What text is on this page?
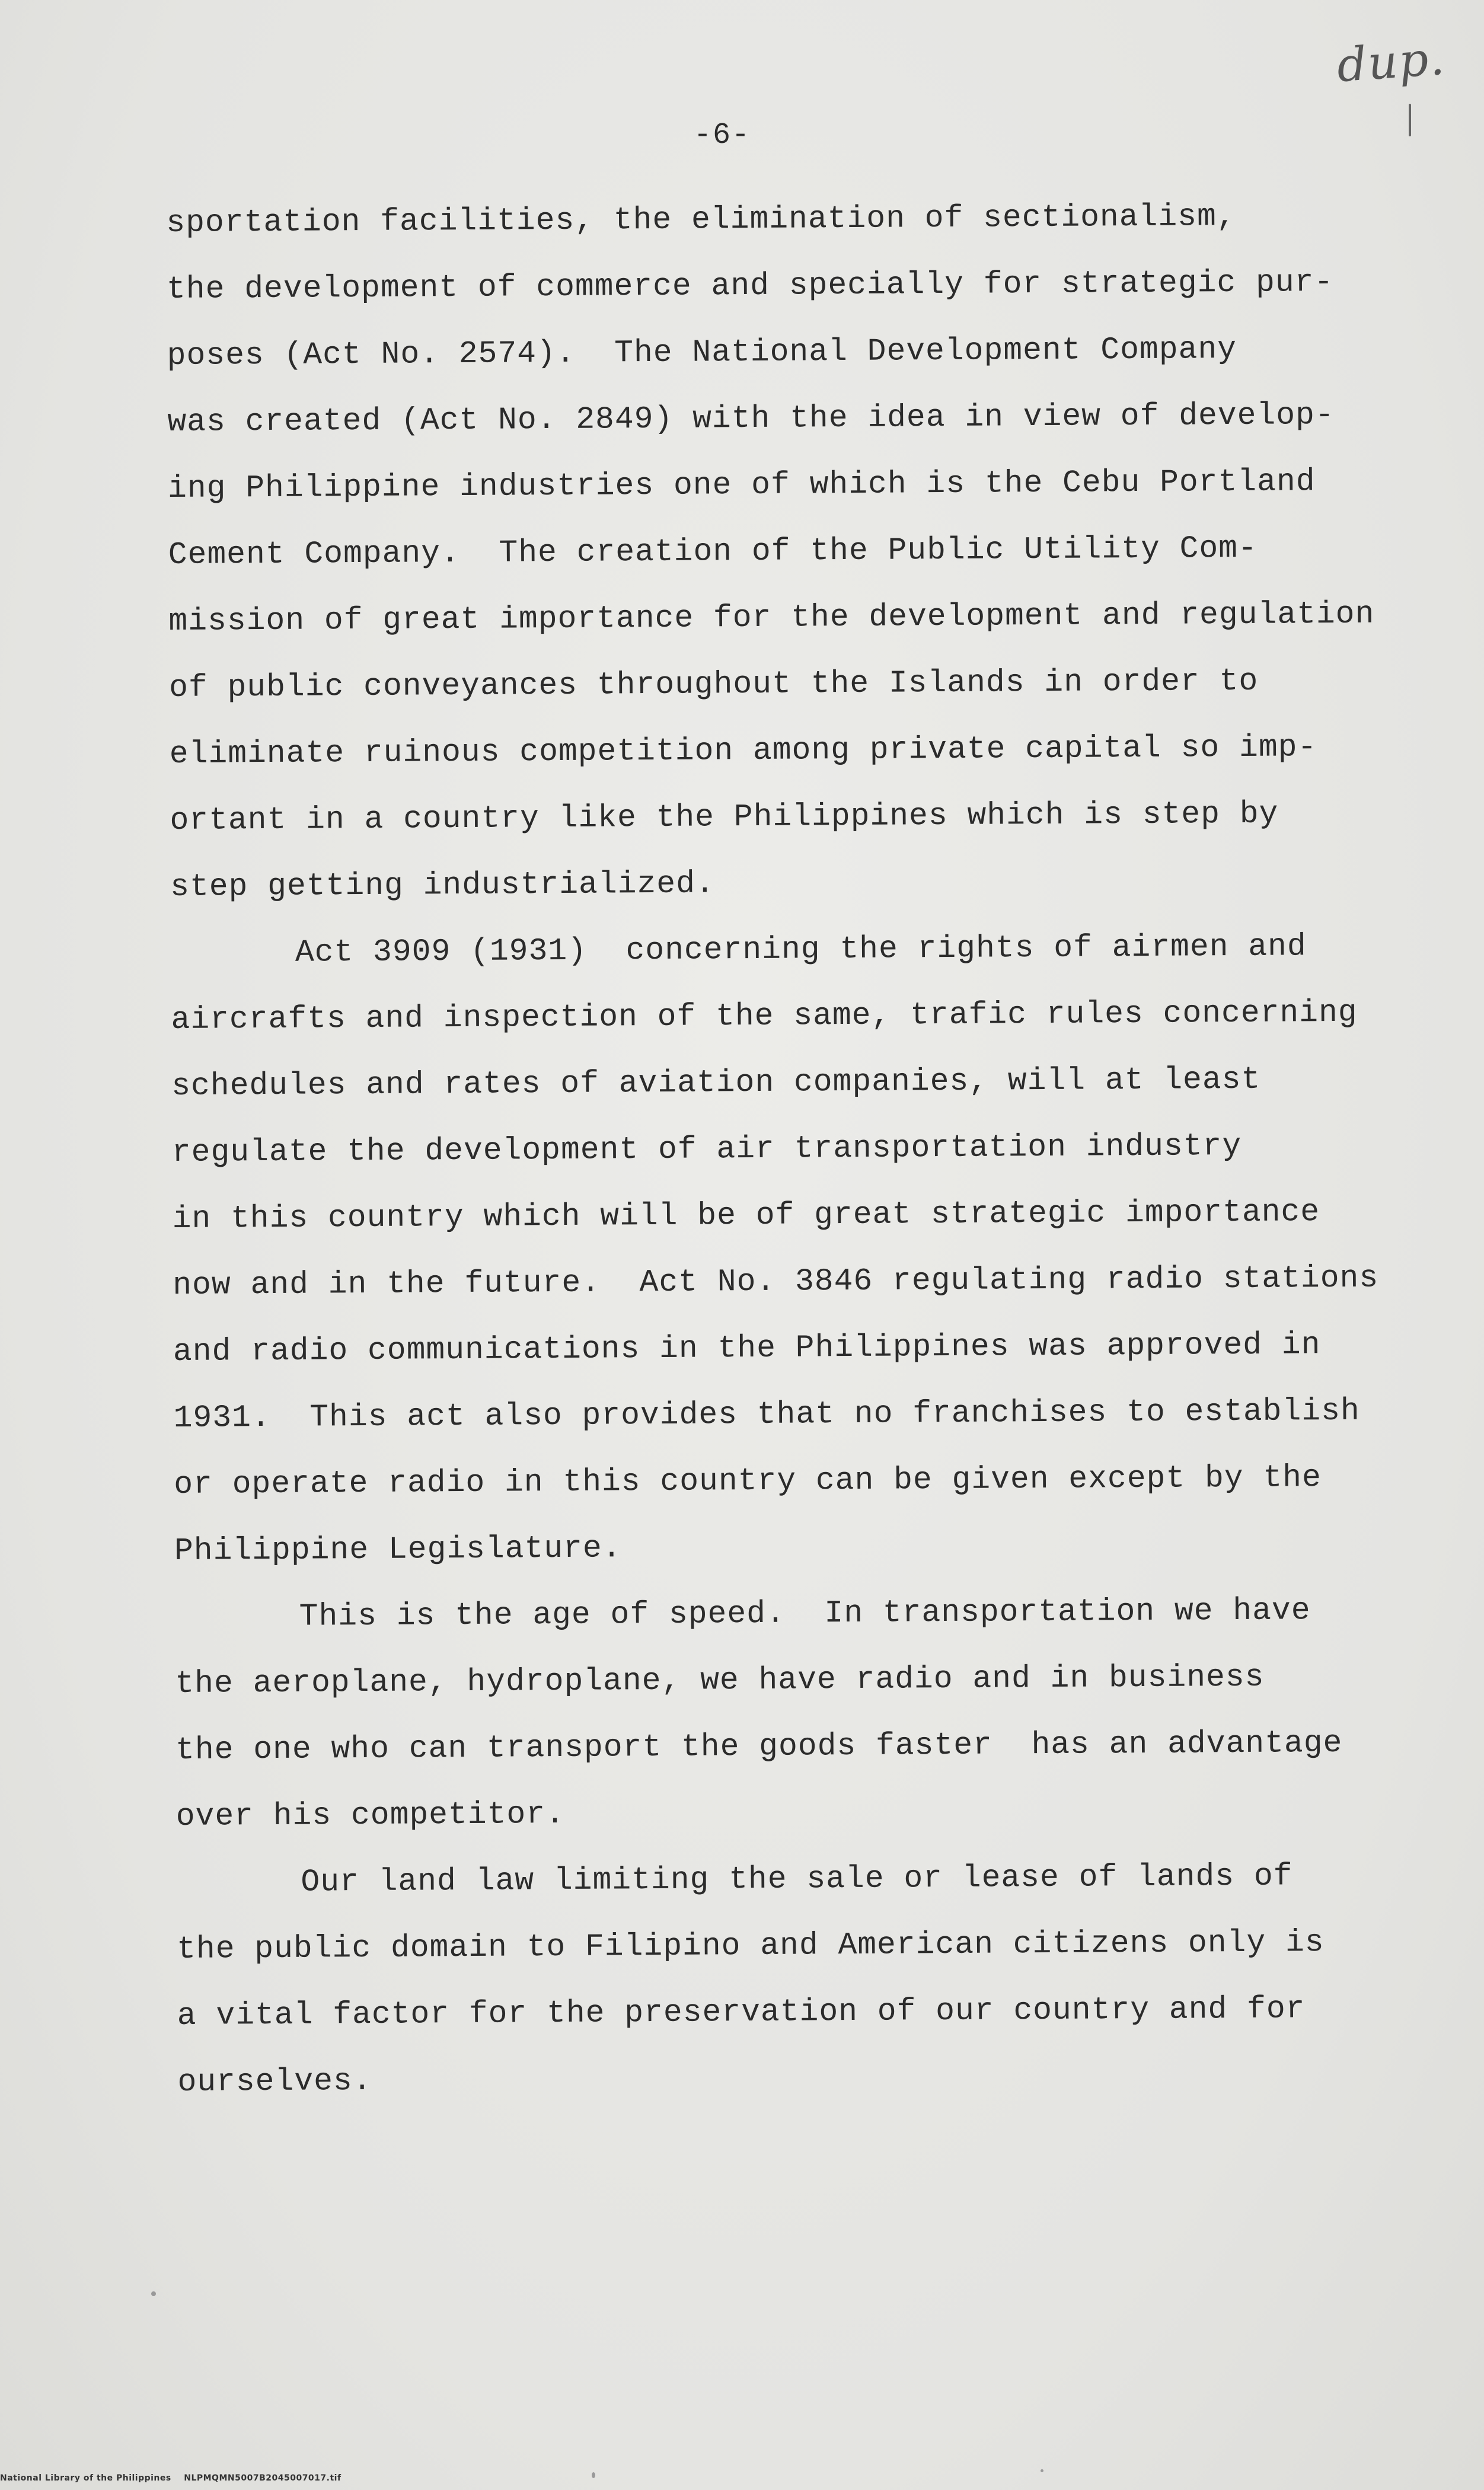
dup.
-6-
sportation facilities, the elimination of sectionalism,
the development of commerce and specially for strategic pur-
poses (Act No. 2574).  The National Development Company
was created (Act No. 2849) with the idea in view of develop-
ing Philippine industries one of which is the Cebu Portland
Cement Company.  The creation of the Public Utility Com-
mission of great importance for the development and regulation
of public conveyances throughout the Islands in order to
eliminate ruinous competition among private capital so imp-
ortant in a country like the Philippines which is step by
step getting industrialized.
Act 3909 (1931)  concerning the rights of airmen and
aircrafts and inspection of the same, trafic rules concerning
schedules and rates of aviation companies, will at least
regulate the development of air transportation industry
in this country which will be of great strategic importance
now and in the future.  Act No. 3846 regulating radio stations
and radio communications in the Philippines was approved in
1931.  This act also provides that no franchises to establish
or operate radio in this country can be given except by the
Philippine Legislature.
This is the age of speed.  In transportation we have
the aeroplane, hydroplane, we have radio and in business
the one who can transport the goods faster  has an advantage
over his competitor.
Our land law limiting the sale or lease of lands of
the public domain to Filipino and American citizens only is
a vital factor for the preservation of our country and for
ourselves.
National Library of the Philippines    NLPMQMN5007B2045007017.tif
